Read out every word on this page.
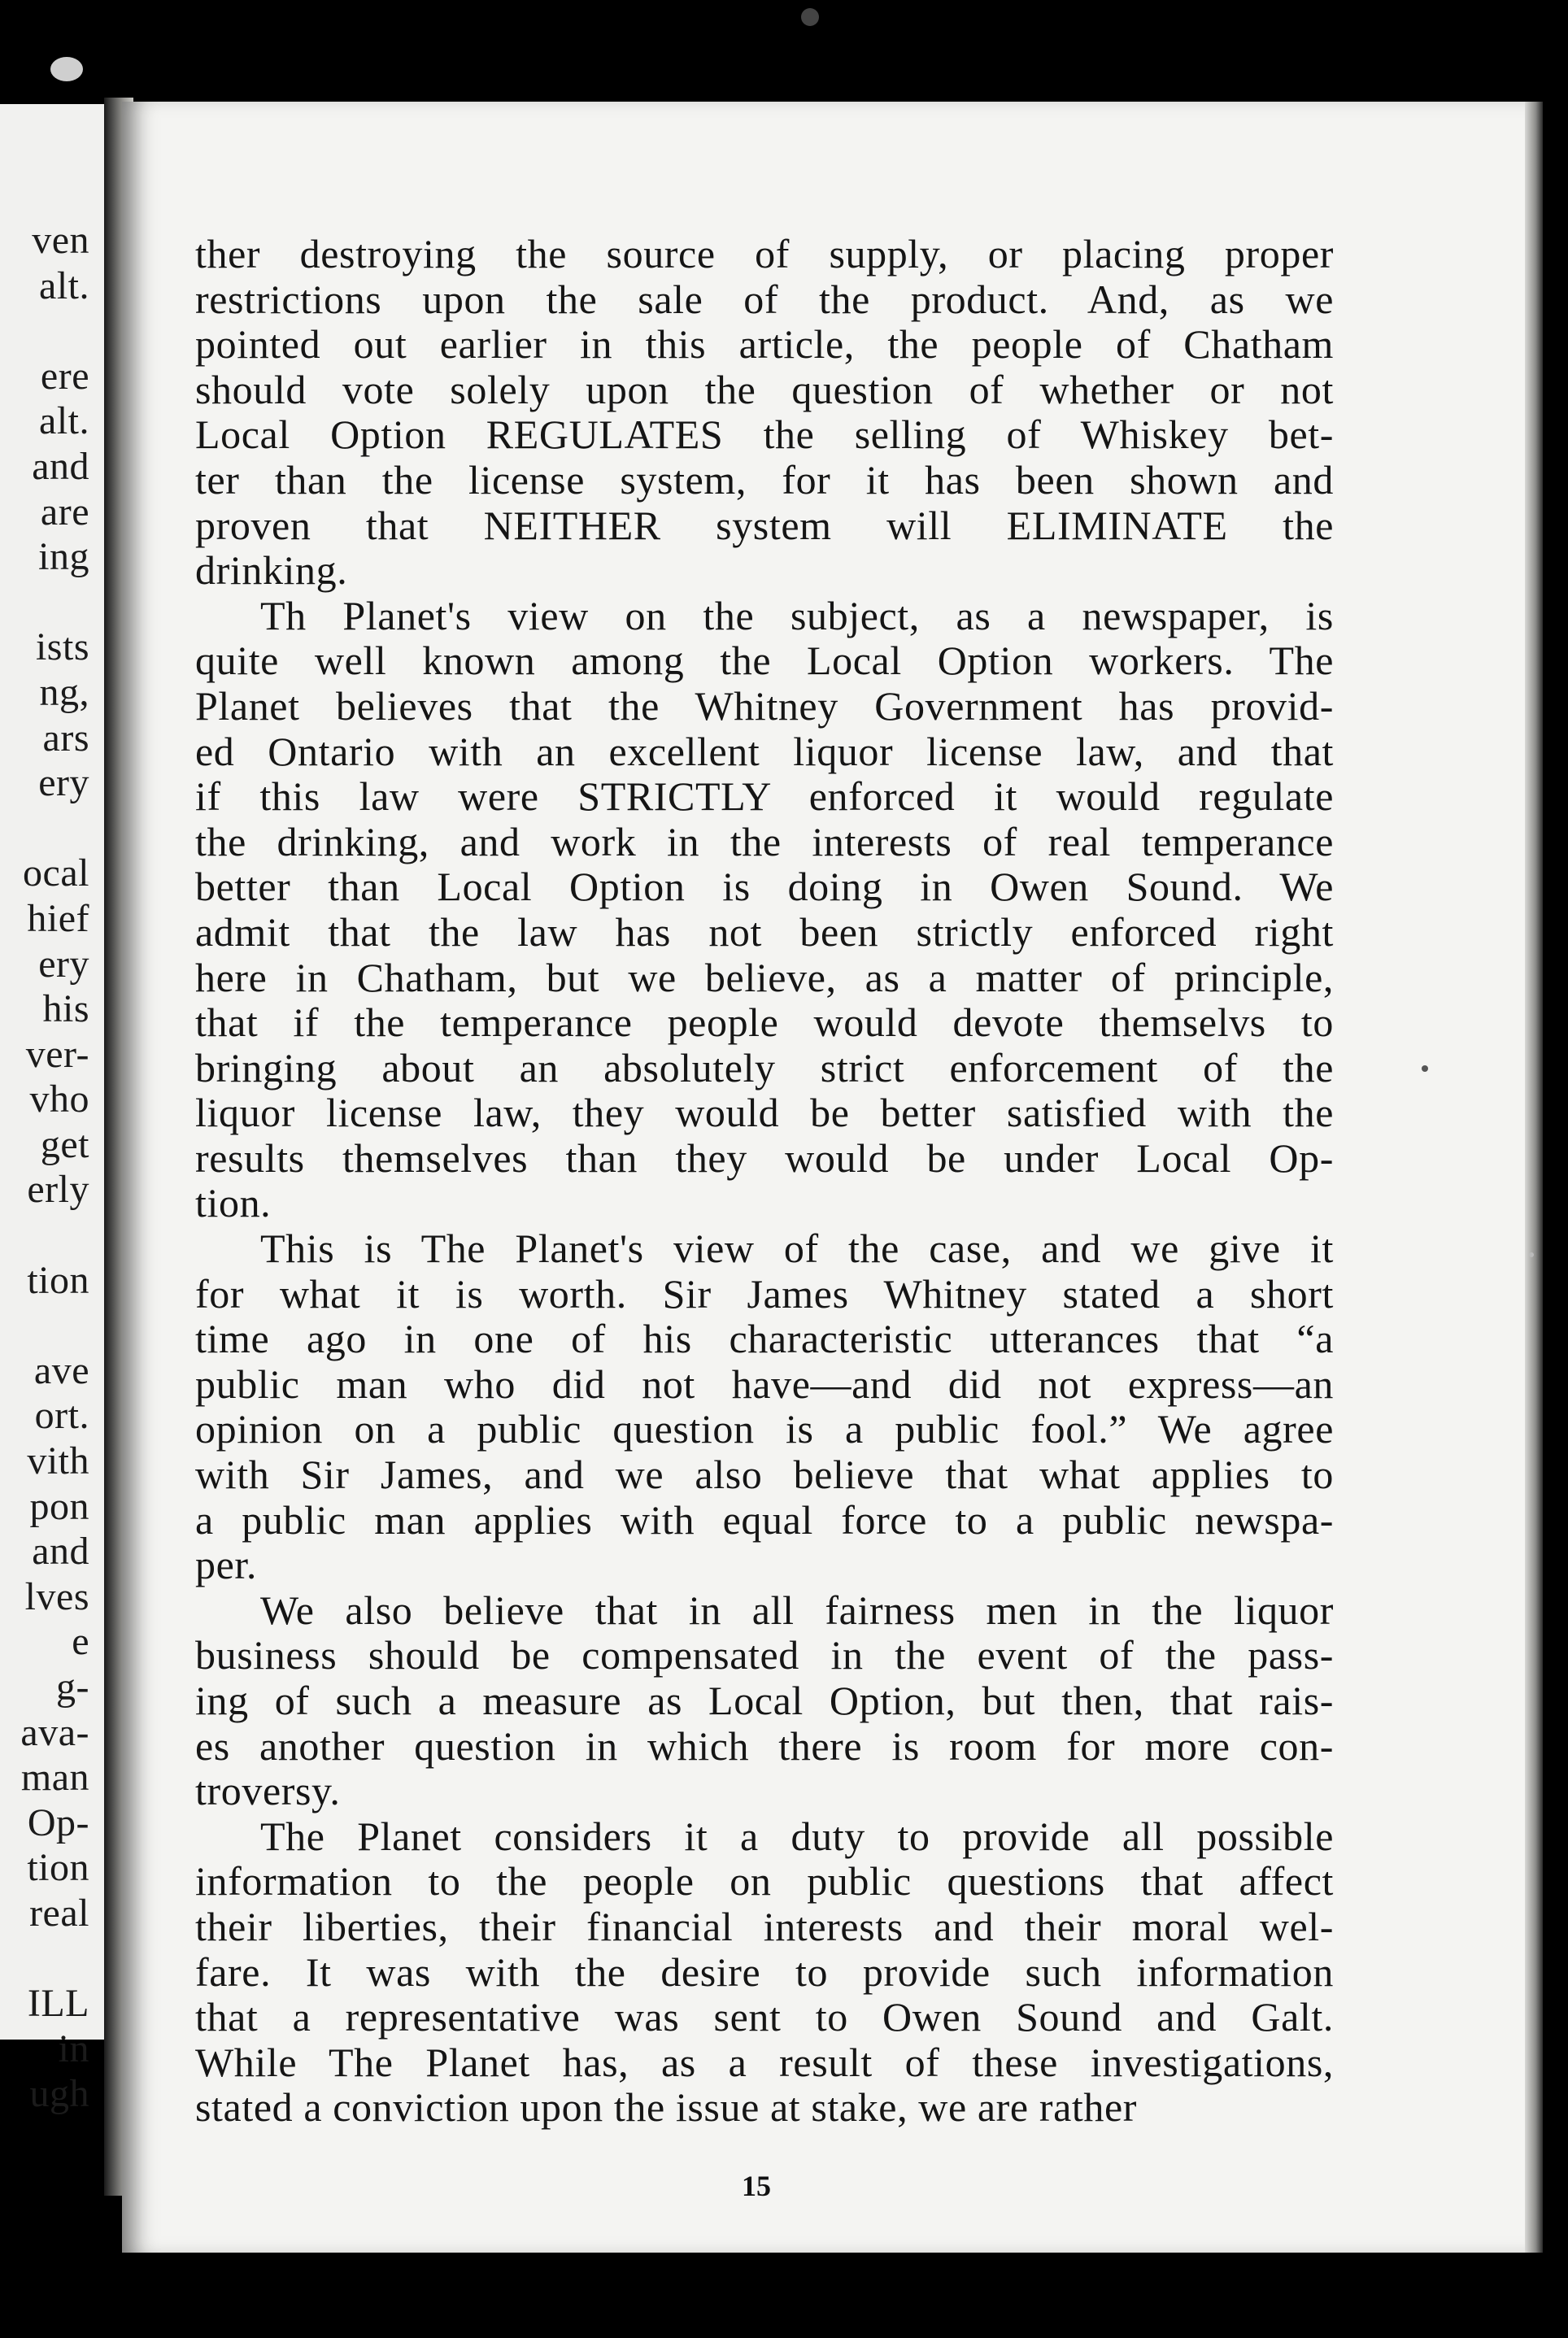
ven
alt.
ere
alt.
and
are
ing
ists
ng,
ars
ery
ocal
hief
ery
his
ver-
vho
get
erly
tion
ave
ort.
vith
pon
and
lves
e
g-
ava-
man
Op-
tion
real
ILL
in
ugh
ther destroying the source of supply, or placing proper
restrictions upon the sale of the product. And, as we
pointed out earlier in this article, the people of Chatham
should vote solely upon the question of whether or not
Local Option REGULATES the selling of Whiskey bet-
ter than the license system, for it has been shown and
proven that NEITHER system will ELIMINATE the
drinking.
Th Planet's view on the subject, as a newspaper, is
quite well known among the Local Option workers. The
Planet believes that the Whitney Government has provid-
ed Ontario with an excellent liquor license law, and that
if this law were STRICTLY enforced it would regulate
the drinking, and work in the interests of real temperance
better than Local Option is doing in Owen Sound. We
admit that the law has not been strictly enforced right
here in Chatham, but we believe, as a matter of principle,
that if the temperance people would devote themselvs to
bringing about an absolutely strict enforcement of the
liquor license law, they would be better satisfied with the
results themselves than they would be under Local Op-
tion.
This is The Planet's view of the case, and we give it
for what it is worth. Sir James Whitney stated a short
time ago in one of his characteristic utterances that “a
public man who did not have—and did not express—an
opinion on a public question is a public fool.” We agree
with Sir James, and we also believe that what applies to
a public man applies with equal force to a public newspa-
per.
We also believe that in all fairness men in the liquor
business should be compensated in the event of the pass-
ing of such a measure as Local Option, but then, that rais-
es another question in which there is room for more con-
troversy.
The Planet considers it a duty to provide all possible
information to the people on public questions that affect
their liberties, their financial interests and their moral wel-
fare. It was with the desire to provide such information
that a representative was sent to Owen Sound and Galt.
While The Planet has, as a result of these investigations,
stated a conviction upon the issue at stake, we are rather
15
